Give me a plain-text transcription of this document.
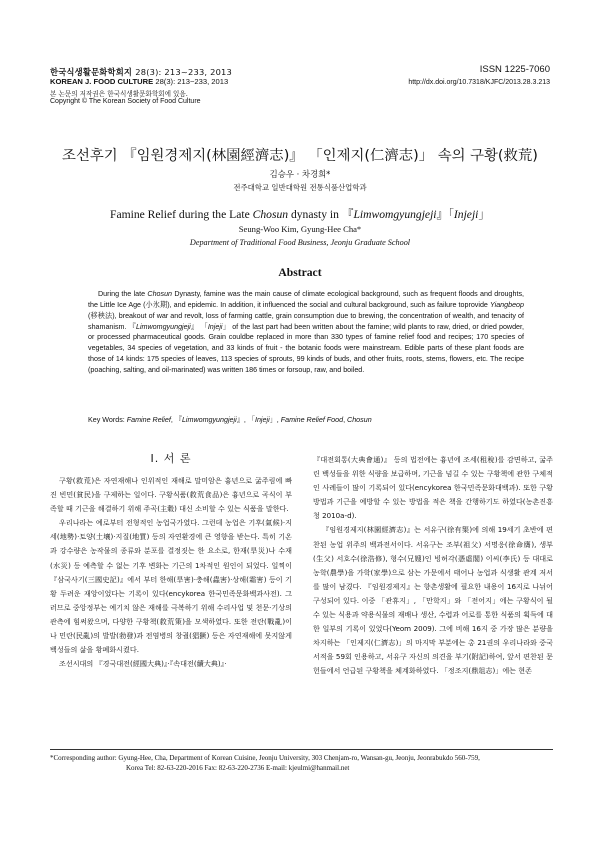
한국식생활문화학회지 28(3): 213~233, 2013
KOREAN J. FOOD CULTURE 28(3): 213~233, 2013
본 논문의 저작권은 한국식생활문화학회에 있음.
Copyright © The Korean Society of Food Culture
ISSN 1225-7060
http://dx.doi.org/10.7318/KJFC/2013.28.3.213
조선후기 『임원경제지(林園經濟志)』 「인제지(仁濟志)」 속의 구황(救荒)
김승우 · 차경희*
전주대학교 일반대학원 전통식품산업학과
Famine Relief during the Late Chosun dynasty in 『Limwomgyungjeji』「Injeji」
Seung-Woo Kim, Gyung-Hee Cha*
Department of Traditional Food Business, Jeonju Graduate School
Abstract
During the late Chosun Dynasty, famine was the main cause of climate ecological background, such as frequent floods and droughts, the Little Ice Age (小氷期), and epidemic. In addition, it influenced the social and cultural background, such as failure toprovide Yiangbeop (移秧法), breakout of war and revolt, loss of farming cattle, grain consumption due to brewing, the concentration of wealth, and tenacity of shamanism. 『Limwomgyungjeji』 「Injeji」 of the last part had been written about the famine; wild plants to raw, dried, or dried powder, or processed pharmaceutical goods. Grain couldbe replaced in more than 330 types of famine relief food and recipes; 170 species of vegetables, 34 species of vegetation, and 33 kinds of fruit - the botanic foods were mainstream. Edible parts of these plant foods are those of 14 kinds: 175 species of leaves, 113 species of sprouts, 99 kinds of buds, and other fruits, roots, stems, flowers, etc. The recipe (poaching, salting, and oil-marinated) was written 186 times or forsoup, raw, and boiled.
Key Words: Famine Relief, 『Limwomgyungjeji』, 「Injeji」, Famine Relief Food, Chosun
Ⅰ. 서 론

구황(救荒)은 자연재해나 인위적인 재해로 말미암은 흉년으로 굶주림에 빠진 빈민(貧民)을 구제하는 일이다. 구황식품(救荒食品)은 흉년으로 곡식이 부족할 때 기근을 해결하기 위해 주곡(主穀) 대신 소비할 수 있는 식품을 말한다.

우리나라는 예로부터 전형적인 농업국가였다. 그런데 농업은 기후(氣候)·지세(地勢)·토양(土壤)·지질(地質) 등의 자연환경에 큰 영향을 받는다. 특히 기온과 강수량은 농작물의 종류와 분포를 결정짓는 한 요소로, 한재(旱災)나 수재(水災) 등 예측할 수 없는 기후 변화는 기근의 1차적인 원인이 되었다. 일찍이 『삼국사기(三國史記)』에서 부터 한해(旱害)·충해(蟲害)·상해(霜害) 등이 기황 두려운 재앙이었다는 기록이 있다(encykorea 한국민족문화백과사전). 그러므로 중앙정부는 예기치 않은 재해를 극복하기 위해 수리사업 및 천문·기상의 관측에 힘써왔으며, 다양한 구황책(救荒策)을 모색하였다. 또한 전란(戰亂)이나 민란(民亂)의 발발(勃發)과 전염병의 창궐(猖獗) 등은 자연재해에 못지않게 백성들의 삶을 황폐화시켰다.

조선시대의 『경국대전(經國大典)』·『속대전(續大典)』·

『대전회통(大典會通)』 등의 법전에는 흉년에 조세(租稅)를 감면하고, 굶주린 백성들을 위한 식량을 보급하며, 기근을 넘길 수 있는 구황책에 관한 구체적인 사례들이 많이 기록되어 있다(encykorea 한국민족문화대백과). 또한 구황 방법과 기근을 예방할 수 있는 방법을 적은 책을 간행하기도 하였다(농촌진흥청 2010a-d).

『임원경제지(林園經濟志)』는 서유구(徐有榘)에 의해 19세기 초반에 편찬된 농업 위주의 백과전서이다. 서유구는 조부(祖父) 서명응(徐命膺), 생부(生父) 서호수(徐浩修), 형수(兄嫂)인 빙허각(憑虛閣) 이씨(李氏) 등 대대로 농학(農學)을 가학(家學)으로 삼는 가문에서 태어나 농업과 식생활 관계 저서를 많이 남겼다. 『임원경제지』는 향촌생활에 필요한 내용이 16지로 나뉘어 구성되어 있다. 이중 「관휴지」, 「만학지」와 「전어지」에는 구황식이 될 수 있는 식용과 약용식물의 재배나 생산, 수렵과 어로를 통한 식품의 획득에 대한 일부의 기록이 있었다(Yeom 2009). 그에 비해 16지 중 가장 많은 분량을 차지하는 「인제지(仁濟志)」의 마지막 부분에는 총 21권의 우리나라와 중국 서적을 59회 인용하고, 서유구 자신의 의견을 부기(附記)하여, 앞서 편찬된 문헌들에서 언급된 구황책을 체계화하였다. 「정조지(鼎俎志)」에는 현존

*Corresponding author: Gyung-Hee, Cha, Department of Korean Cuisine, Jeonju University, 303 Chenjam-ro, Wansan-gu, Jeonju, Jeonrabukdo 560-759,
Korea Tel: 82-63-220-2016 Fax: 82-63-220-2736 E-mail: kjeulmi@hanmail.net
